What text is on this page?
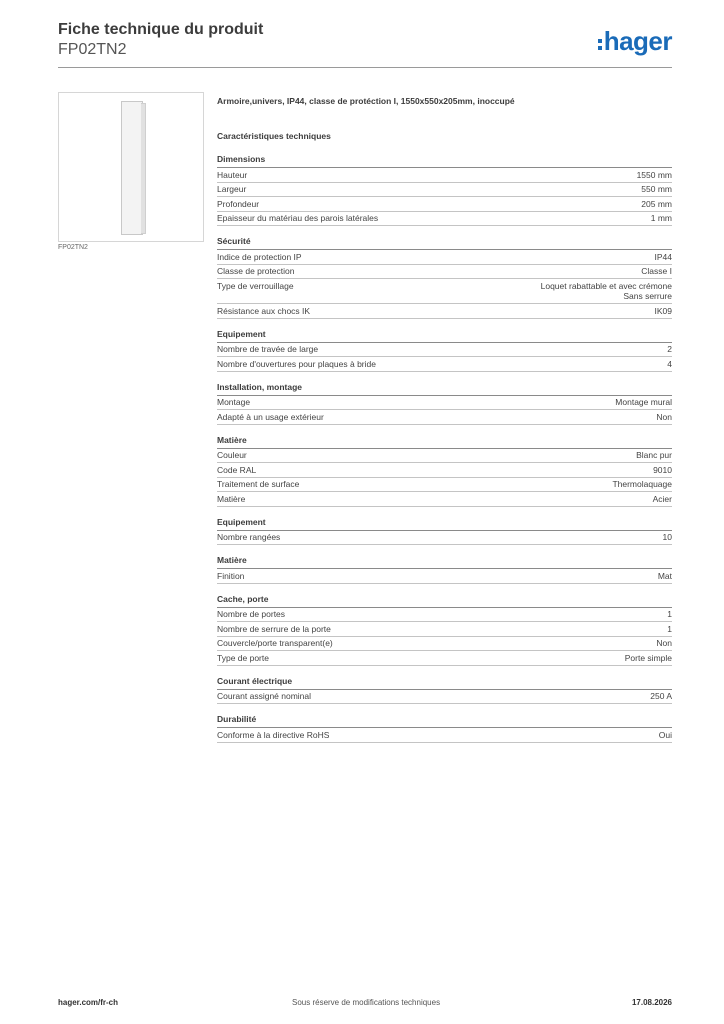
Fiche technique du produit
FP02TN2	hager
FP02TN2
Armoire,univers, IP44, classe de protéction I, 1550x550x205mm, inoccupé
Caractéristiques techniques
Dimensions
Hauteur	1550 mm
Largeur	550 mm
Profondeur	205 mm
Epaisseur du matériau des parois latérales	1 mm
Sécurité
Indice de protection IP	IP44
Classe de protection	Classe I
Type de verrouillage	Loquet rabattable et avec crémone
Sans serrure
Résistance aux chocs IK	IK09
Equipement
Nombre de travée de large	2
Nombre d'ouvertures pour plaques à bride	4
Installation, montage
Montage	Montage mural
Adapté à un usage extérieur	Non
Matière
Couleur	Blanc pur
Code RAL	9010
Traitement de surface	Thermolaquage
Matière	Acier
Equipement
Nombre rangées	10
Matière
Finition	Mat
Cache, porte
Nombre de portes	1
Nombre de serrure de la porte	1
Couvercle/porte transparent(e)	Non
Type de porte	Porte simple
Courant électrique
Courant assigné nominal	250 A
Durabilité
Conforme à la directive RoHS	Oui
hager.com/fr-ch	Sous réserve de modifications techniques	17.08.2026
